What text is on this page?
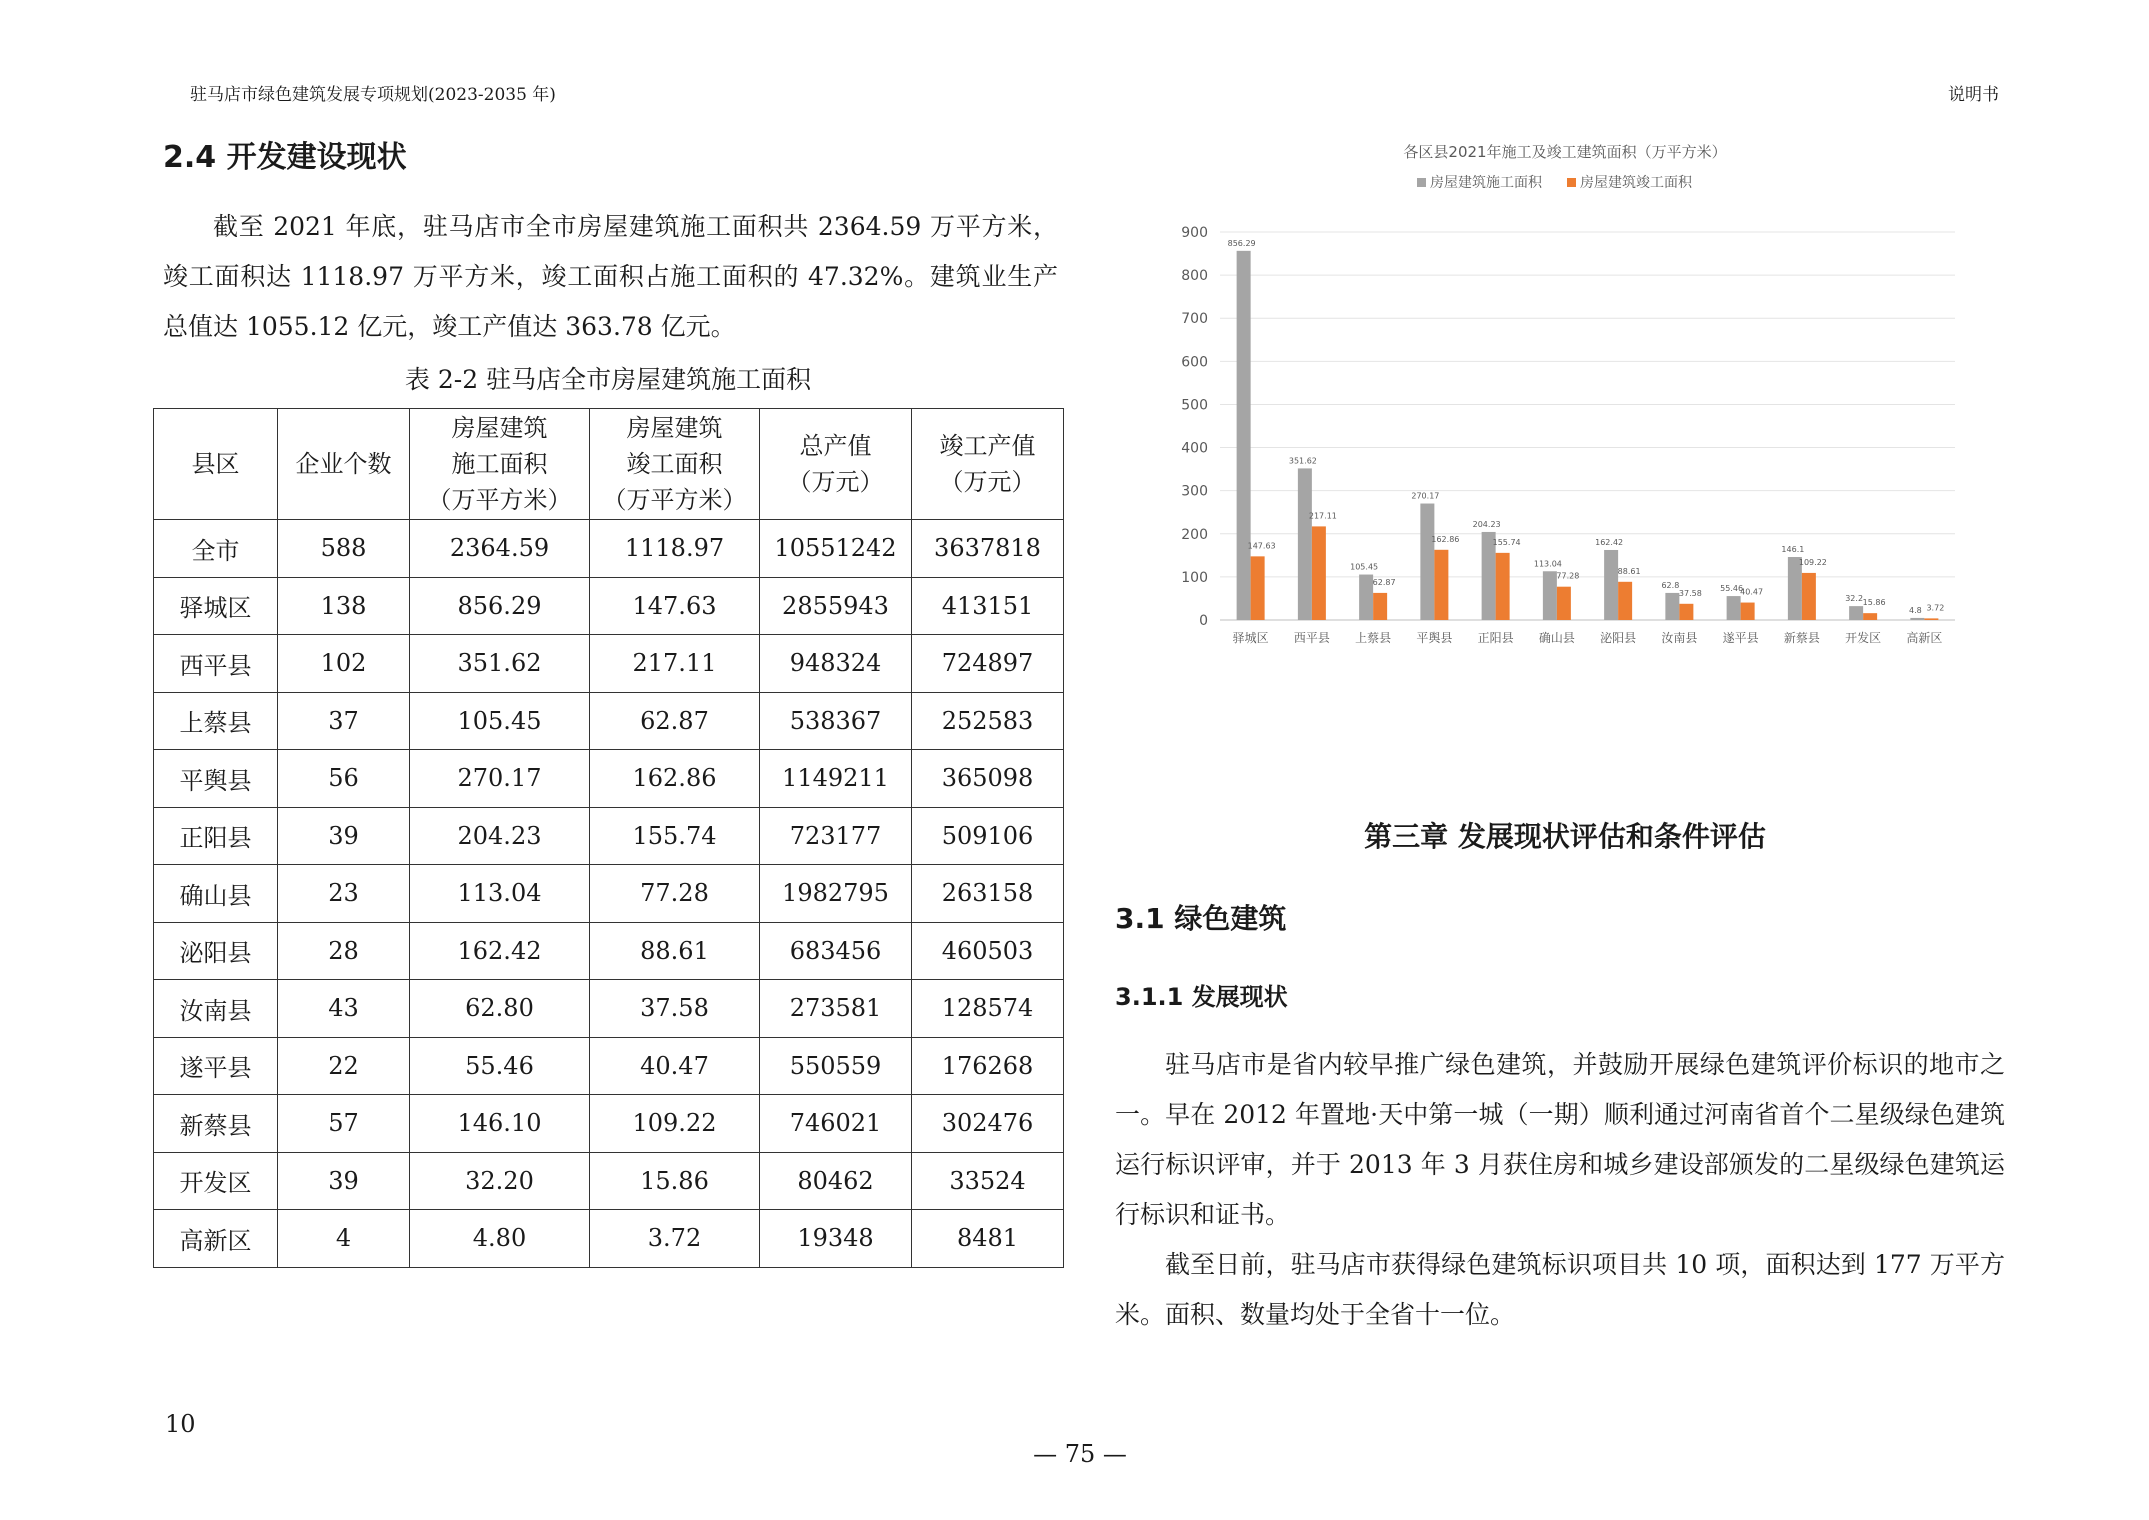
驻马店市绿色建筑发展专项规划(2023-2035 年)	说明书
2.4 开发建设现状

截至 2021 年底，驻马店市全市房屋建筑施工面积共 2364.59 万平方米，竣工面积达 1118.97 万平方米，竣工面积占施工面积的 47.32%。建筑业生产总值达 1055.12 亿元，竣工产值达 363.78 亿元。

表 2-2 驻马店全市房屋建筑施工面积
县区	企业个数	房屋建筑
施工面积
（万平方米）	房屋建筑
竣工面积
（万平方米）	总产值
（万元）	竣工产值
（万元）
全市	588	2364.59	1118.97	10551242	3637818
驿城区	138	856.29	147.63	2855943	413151
西平县	102	351.62	217.11	948324	724897
上蔡县	37	105.45	62.87	538367	252583
平舆县	56	270.17	162.86	1149211	365098
正阳县	39	204.23	155.74	723177	509106
确山县	23	113.04	77.28	1982795	263158
泌阳县	28	162.42	88.61	683456	460503
汝南县	43	62.80	37.58	273581	128574
遂平县	22	55.46	40.47	550559	176268
新蔡县	57	146.10	109.22	746021	302476
开发区	39	32.20	15.86	80462	33524
高新区	4	4.80	3.72	19348	8481
各区县2021年施工及竣工建筑面积（万平方米）
房屋建筑施工面积	房屋建筑竣工面积
0
100
200
300
400
500
600
700
800
900
856.29
147.63
351.62
217.11
105.45
62.87
270.17
162.86
204.23
155.74
113.04
77.28
162.42
88.61
62.8
37.58
55.46
40.47
146.1
109.22
32.2 15.86
4.8 3.72
驿城区 西平县 上蔡县 平舆县 正阳县 确山县 泌阳县 汝南县 遂平县 新蔡县 开发区 高新区
第三章 发展现状评估和条件评估
3.1 绿色建筑
3.1.1 发展现状

驻马店市是省内较早推广绿色建筑，并鼓励开展绿色建筑评价标识的地市之一。早在 2012 年置地·天中第一城（一期）顺利通过河南省首个二星级绿色建筑运行标识评审，并于 2013 年 3 月获住房和城乡建设部颁发的二星级绿色建筑运行标识和证书。

截至日前，驻马店市获得绿色建筑标识项目共 10 项，面积达到 177 万平方米。面积、数量均处于全省十一位。

10
— 75 —
